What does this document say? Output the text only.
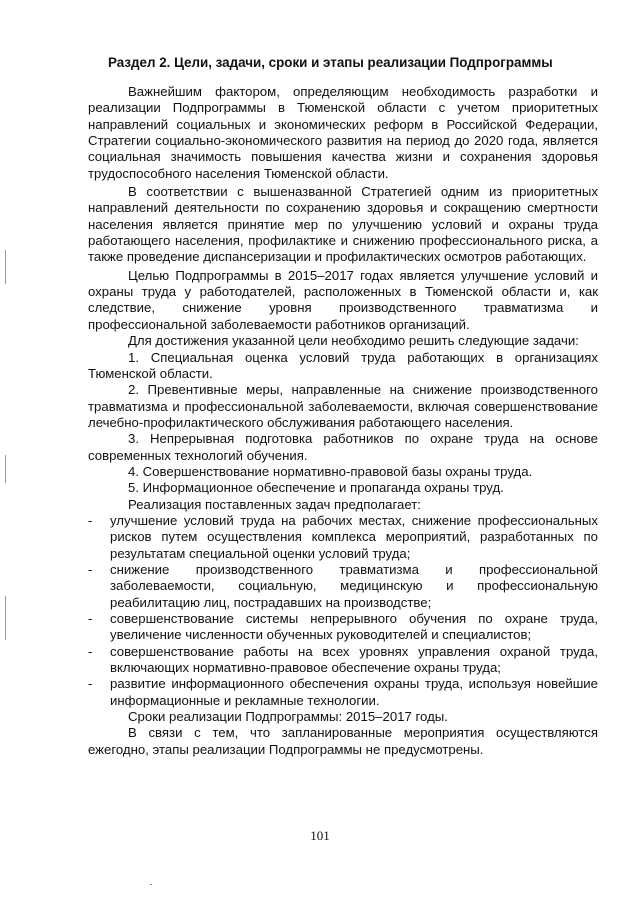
Раздел 2. Цели, задачи, сроки и этапы реализации Подпрограммы

Важнейшим фактором, определяющим необходимость разработки и реализации Подпрограммы в Тюменской области с учетом приоритетных направлений социальных и экономических реформ в Российской Федерации, Стратегии социально-экономического развития на период до 2020 года, является социальная значимость повышения качества жизни и сохранения здоровья трудоспособного населения Тюменской области.

В соответствии с вышеназванной Стратегией одним из приоритетных направлений деятельности по сохранению здоровья и сокращению смертности населения является принятие мер по улучшению условий и охраны труда работающего населения, профилактике и снижению профессионального риска, а также проведение диспансеризации и профилактических осмотров работающих.

Целью Подпрограммы в 2015–2017 годах является улучшение условий и охраны труда у работодателей, расположенных в Тюменской области и, как следствие, снижение уровня производственного травматизма и профессиональной заболеваемости работников организаций.

Для достижения указанной цели необходимо решить следующие задачи:

1. Специальная оценка условий труда работающих в организациях Тюменской области.

2. Превентивные меры, направленные на снижение производственного травматизма и профессиональной заболеваемости, включая совершенствование лечебно-профилактического обслуживания работающего населения.

3. Непрерывная подготовка работников по охране труда на основе современных технологий обучения.

4. Совершенствование нормативно-правовой базы охраны труда.

5. Информационное обеспечение и пропаганда охраны труд.

Реализация поставленных задач предполагает:

- улучшение условий труда на рабочих местах, снижение профессиональных рисков путем осуществления комплекса мероприятий, разработанных по результатам специальной оценки условий труда;
- снижение производственного травматизма и профессиональной заболеваемости, социальную, медицинскую и профессиональную реабилитацию лиц, пострадавших на производстве;
- совершенствование системы непрерывного обучения по охране труда, увеличение численности обученных руководителей и специалистов;
- совершенствование работы на всех уровнях управления охраной труда, включающих нормативно-правовое обеспечение охраны труда;
- развитие информационного обеспечения охраны труда, используя новейшие информационные и рекламные технологии.

Сроки реализации Подпрограммы: 2015–2017 годы.

В связи с тем, что запланированные мероприятия осуществляются ежегодно, этапы реализации Подпрограммы не предусмотрены.

101
